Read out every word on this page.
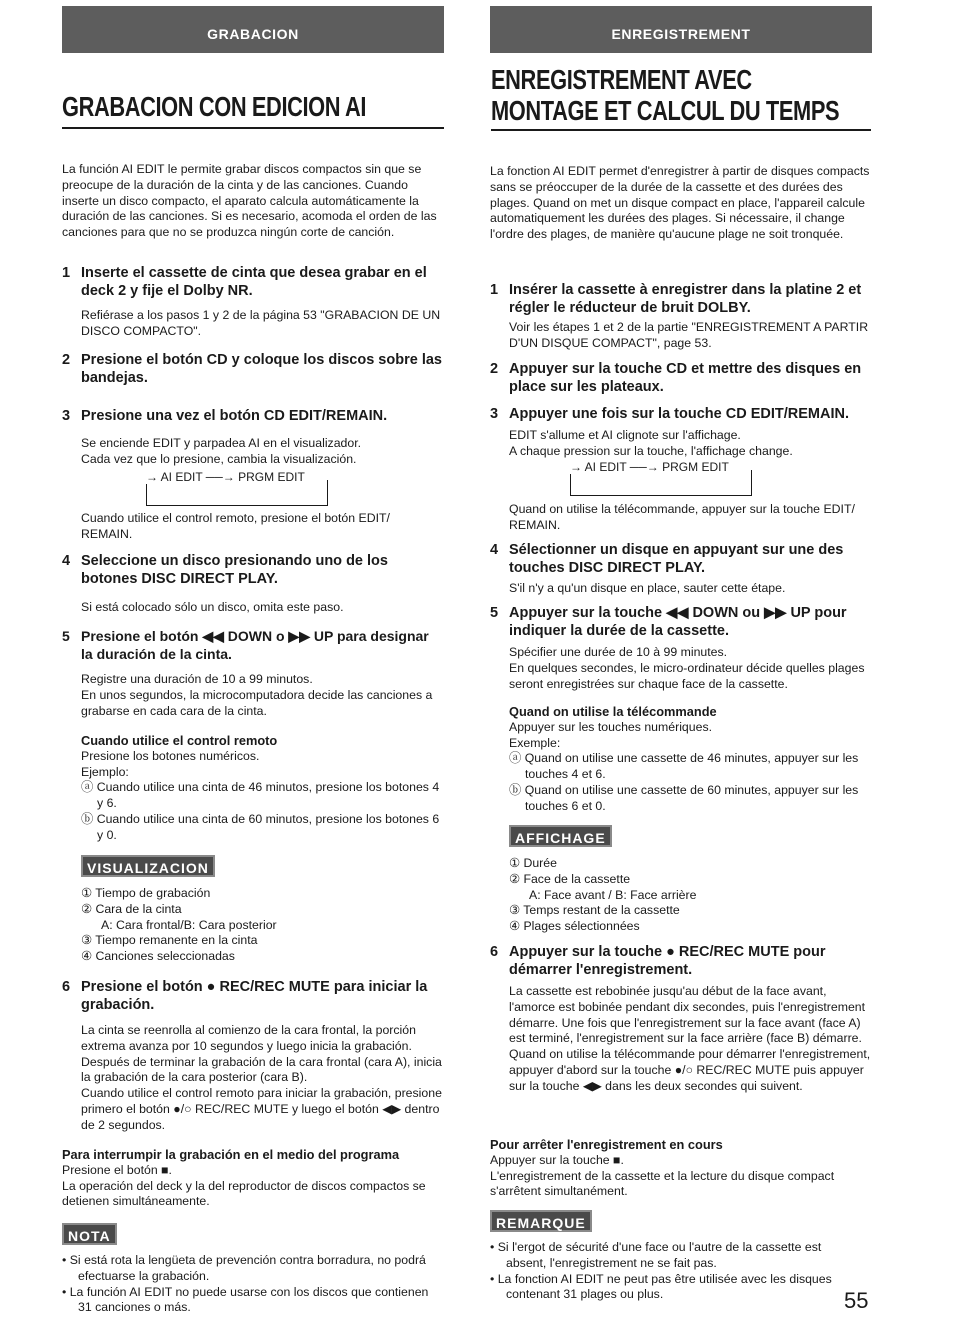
GRABACION	ENREGISTREMENT
GRABACION CON EDICION AI
ENREGISTREMENT AVEC
MONTAGE ET CALCUL DU TEMPS
La función AI EDIT le permite grabar discos compactos sin que se preocupe de la duración de la cinta y de las canciones. Cuando inserte un disco compacto, el aparato calcula automáticamente la duración de las canciones. Si es necesario, acomoda el orden de las canciones para que no se produzca ningún corte de canción.
1 Inserte el cassette de cinta que desea grabar en el deck 2 y fije el Dolby NR.
Refiérase a los pasos 1 y 2 de la página 53 "GRABACION DE UN DISCO COMPACTO".
2 Presione el botón CD y coloque los discos sobre las bandejas.
3 Presione una vez el botón CD EDIT/REMAIN.
Se enciende EDIT y parpadea AI en el visualizador.
Cada vez que lo presione, cambia la visualización.
→ AI EDIT ──→ PRGM EDIT
Cuando utilice el control remoto, presione el botón EDIT/ REMAIN.
4 Seleccione un disco presionando uno de los botones DISC DIRECT PLAY.
Si está colocado sólo un disco, omita este paso.
5 Presione el botón ◀◀ DOWN o ▶▶ UP para designar la duración de la cinta.
Registre una duración de 10 a 99 minutos.
En unos segundos, la microcomputadora decide las canciones a grabarse en cada cara de la cinta.
Cuando utilice el control remoto
Presione los botones numéricos.
Ejemplo:
ⓐ Cuando utilice una cinta de 46 minutos, presione los botones 4 y 6.
ⓑ Cuando utilice una cinta de 60 minutos, presione los botones 6 y 0.
VISUALIZACION

① Tiempo de grabación

② Cara de la cinta

A: Cara frontal/B: Cara posterior

③ Tiempo remanente en la cinta

④ Canciones seleccionadas

6 Presione el botón ● REC/REC MUTE para iniciar la grabación.
La cinta se reenrolla al comienzo de la cara frontal, la porción extrema avanza por 10 segundos y luego inicia la grabación. Después de terminar la grabación de la cara frontal (cara A), inicia la grabación de la cara posterior (cara B).
Cuando utilice el control remoto para iniciar la grabación, presione primero el botón ●/○ REC/REC MUTE y luego el botón ◀▶ dentro de 2 segundos.
Para interrumpir la grabación en el medio del programa
Presione el botón ■.
La operación del deck y la del reproductor de discos compactos se detienen simultáneamente.
NOTA

• Si está rota la lengüeta de prevención contra borradura, no podrá efectuarse la grabación.

• La función AI EDIT no puede usarse con los discos que contienen 31 canciones o más.

La fonction AI EDIT permet d'enregistrer à partir de disques compacts sans se préoccuper de la durée de la cassette et des durées des plages. Quand on met un disque compact en place, l'appareil calcule automatiquement les durées des plages. Si nécessaire, il change l'ordre des plages, de manière qu'aucune plage ne soit tronquée.
1 Insérer la cassette à enregistrer dans la platine 2 et régler le réducteur de bruit DOLBY.
Voir les étapes 1 et 2 de la partie "ENREGISTREMENT A PARTIR D'UN DISQUE COMPACT", page 53.
2 Appuyer sur la touche CD et mettre des disques en place sur les plateaux.
3 Appuyer une fois sur la touche CD EDIT/REMAIN.
EDIT s'allume et AI clignote sur l'affichage.
A chaque pression sur la touche, l'affichage change.
→ AI EDIT ──→ PRGM EDIT
Quand on utilise la télécommande, appuyer sur la touche EDIT/ REMAIN.
4 Sélectionner un disque en appuyant sur une des touches DISC DIRECT PLAY.
S'il n'y a qu'un disque en place, sauter cette étape.
5 Appuyer sur la touche ◀◀ DOWN ou ▶▶ UP pour indiquer la durée de la cassette.
Spécifier une durée de 10 à 99 minutes.
En quelques secondes, le micro-ordinateur décide quelles plages seront enregistrées sur chaque face de la cassette.
Quand on utilise la télécommande
Appuyer sur les touches numériques.
Exemple:
ⓐ Quand on utilise une cassette de 46 minutes, appuyer sur les touches 4 et 6.
ⓑ Quand on utilise une cassette de 60 minutes, appuyer sur les touches 6 et 0.
AFFICHAGE

① Durée

② Face de la cassette

A: Face avant / B: Face arrière

③ Temps restant de la cassette

④ Plages sélectionnées

6 Appuyer sur la touche ● REC/REC MUTE pour démarrer l'enregistrement.
La cassette est rebobinée jusqu'au début de la face avant, l'amorce est bobinée pendant dix secondes, puis l'enregistrement démarre. Une fois que l'enregistrement sur la face avant (face A) est terminé, l'enregistrement sur la face arrière (face B) démarre.
Quand on utilise la télécommande pour démarrer l'enregistrement, appuyer d'abord sur la touche ●/○ REC/REC MUTE puis appuyer sur la touche ◀▶ dans les deux secondes qui suivent.
Pour arrêter l'enregistrement en cours
Appuyer sur la touche ■.
L'enregistrement de la cassette et la lecture du disque compact s'arrêtent simultanément.
REMARQUE

• Si l'ergot de sécurité d'une face ou l'autre de la cassette est absent, l'enregistrement ne se fait pas.

• La fonction AI EDIT ne peut pas être utilisée avec les disques contenant 31 plages ou plus.	55
